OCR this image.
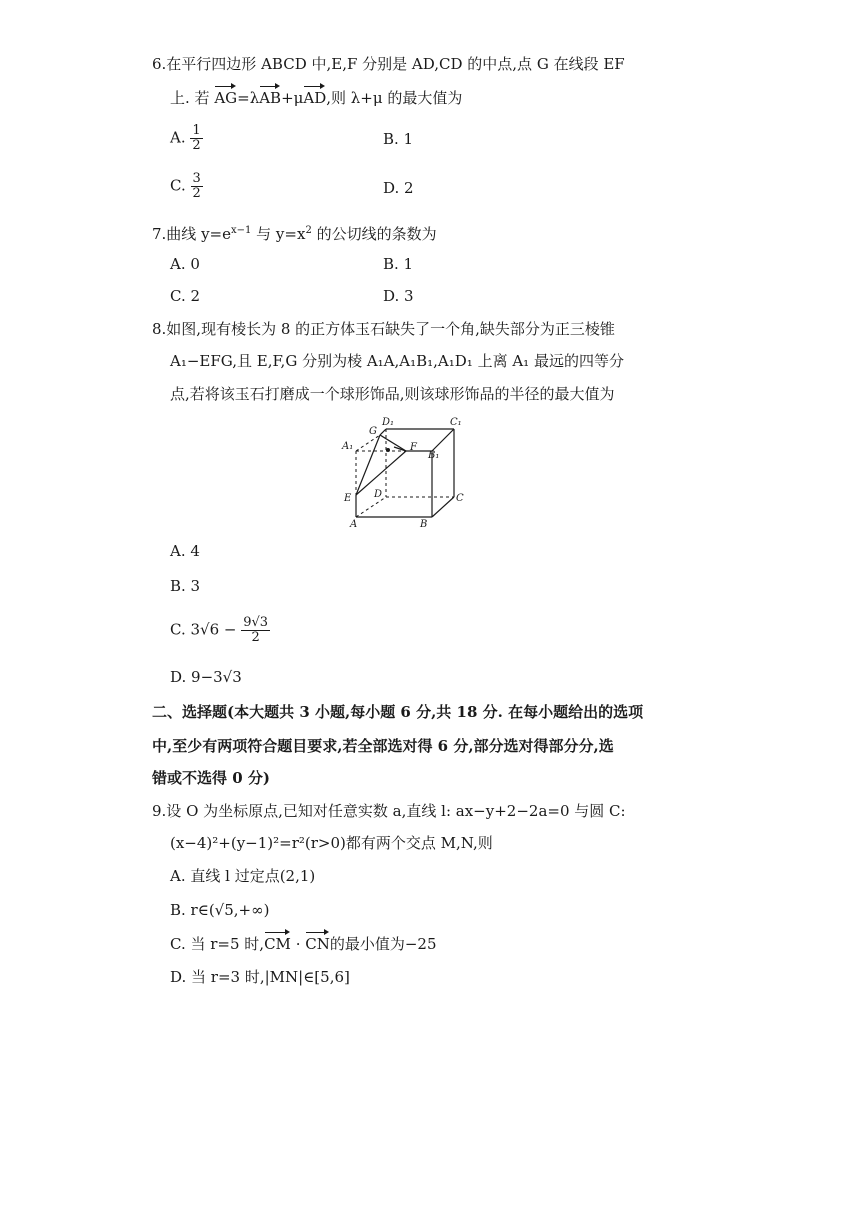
6.在平行四边形 ABCD 中,E,F 分别是 AD,CD 的中点,点 G 在线段 EF
上. 若 AG=λAB+μAD,则 λ+μ 的最大值为
A. $\frac{1}{2}$	B. 1
C. $\frac{3}{2}$	D. 2
7.曲线 $y=e^{x-1}$ 与 $y=x^2$ 的公切线的条数为
A. 0	B. 1
C. 2	D. 3
8.如图,现有棱长为 8 的正方体玉石缺失了一个角,缺失部分为正三棱锥
A₁−EFG,且 E,F,G 分别为棱 A₁A,A₁B₁,A₁D₁ 上离 A₁ 最远的四等分
点,若将该玉石打磨成一个球形饰品,则该球形饰品的半径的最大值为
D₁	C₁
G
A₁
B₁
F
E	C
A	B
D
A. 4
B. 3
C. $3√6 - \frac{9√3}{2}$
D. 9−3√3
二、选择题(本大题共 3 小题,每小题 6 分,共 18 分. 在每小题给出的选项
中,至少有两项符合题目要求,若全部选对得 6 分,部分选对得部分分,选
错或不选得 0 分)
9.设 O 为坐标原点,已知对任意实数 a,直线 l: ax−y+2−2a=0 与圆 C:
(x−4)²+(y−1)²=r²(r>0)都有两个交点 M,N,则
A. 直线 l 过定点(2,1)
B. r∈(√5,+∞)
C. 当 r=5 时,CM · CN的最小值为−25
D. 当 r=3 时,|MN|∈[5,6]
